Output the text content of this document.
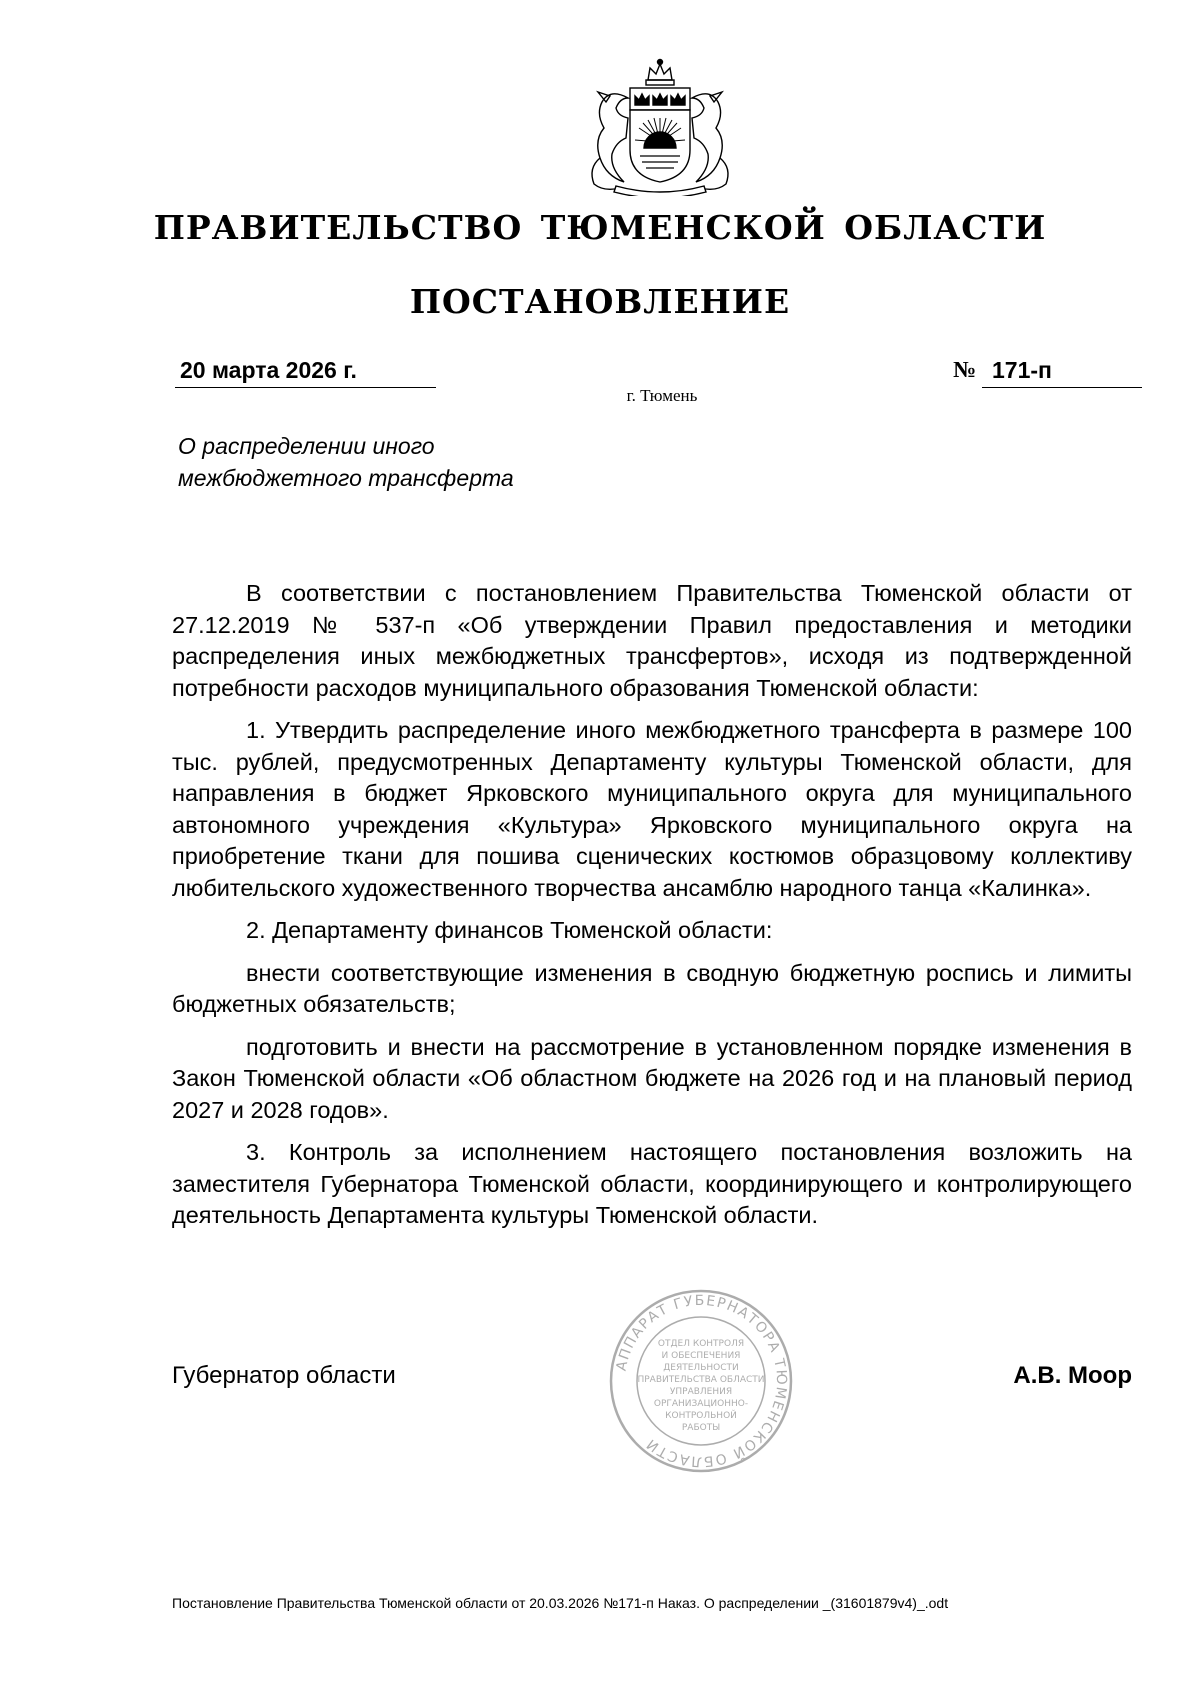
ПРАВИТЕЛЬСТВО ТЮМЕНСКОЙ ОБЛАСТИ
ПОСТАНОВЛЕНИЕ
20 марта 2026 г.	№ 171-п
г. Тюмень
О распределении иного
межбюджетного трансферта

В соответствии с постановлением Правительства Тюменской области от 27.12.2019 № 537-п «Об утверждении Правил предоставления и методики распределения иных межбюджетных трансфертов», исходя из подтвержденной потребности расходов муниципального образования Тюменской области:

1. Утвердить распределение иного межбюджетного трансферта в размере 100 тыс. рублей, предусмотренных Департаменту культуры Тюменской области, для направления в бюджет Ярковского муниципального округа для муниципального автономного учреждения «Культура» Ярковского муниципального округа на приобретение ткани для пошива сценических костюмов образцовому коллективу любительского художественного творчества ансамблю народного танца «Калинка».

2. Департаменту финансов Тюменской области:

внести соответствующие изменения в сводную бюджетную роспись и лимиты бюджетных обязательств;

подготовить и внести на рассмотрение в установленном порядке изменения в Закон Тюменской области «Об областном бюджете на 2026 год и на плановый период 2027 и 2028 годов».

3. Контроль за исполнением настоящего постановления возложить на заместителя Губернатора Тюменской области, координирующего и контролирующего деятельность Департамента культуры Тюменской области.

АППАРАТ ГУБЕРНАТОРА ТЮМЕНСКОЙ ОБЛАСТИ
ОТДЕЛ КОНТРОЛЯ
И ОБЕСПЕЧЕНИЯ
ДЕЯТЕЛЬНОСТИ
ПРАВИТЕЛЬСТВА ОБЛАСТИ
УПРАВЛЕНИЯ
ОРГАНИЗАЦИОННО-
КОНТРОЛЬНОЙ
РАБОТЫ
Губернатор области	А.В. Моор
Постановление Правительства Тюменской области от 20.03.2026 №171-п Наказ. О распределении _(31601879v4)_.odt
